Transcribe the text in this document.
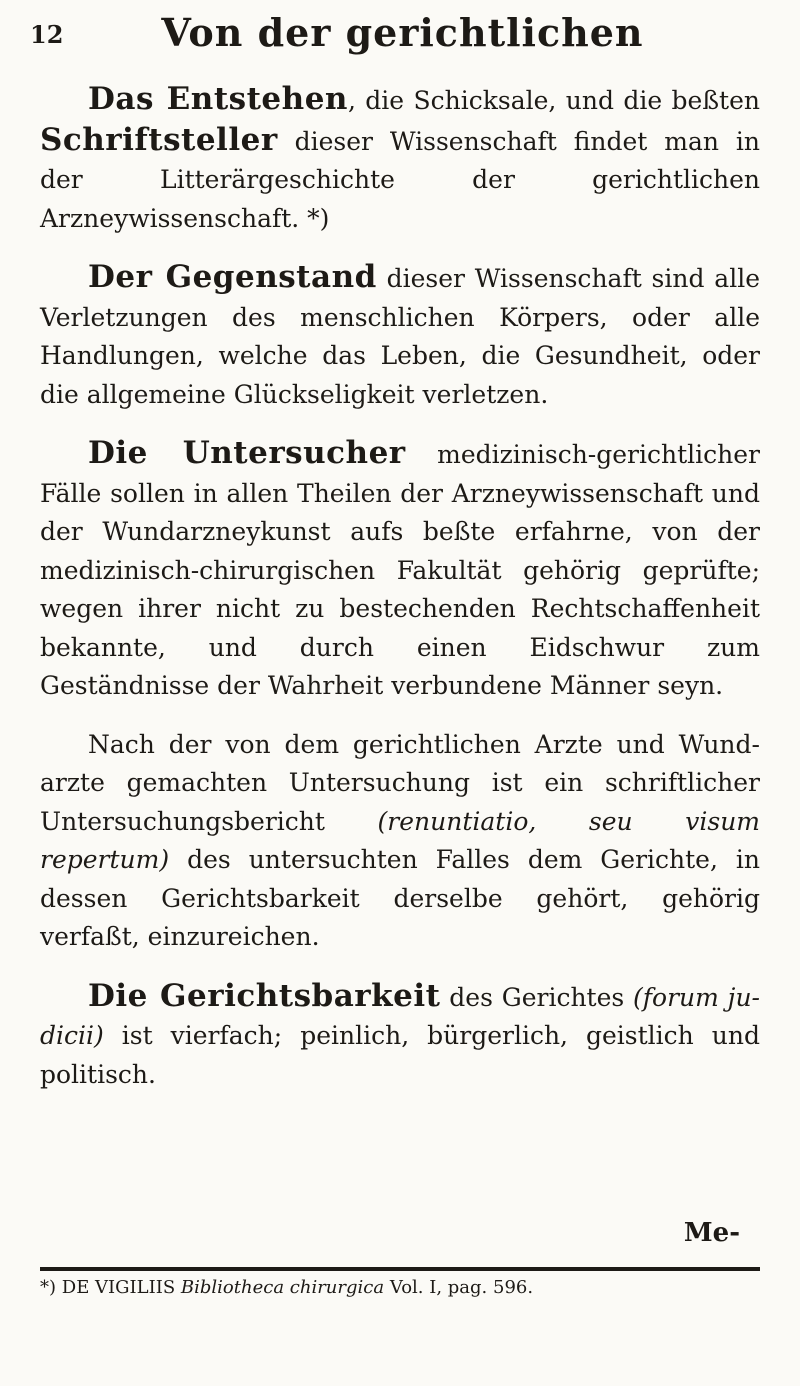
12	Von der gerichtlichen

Das Entstehen, die Schicksale, und die beßten Schriftsteller dieser Wissenschaft findet man in der Litterärgeschichte der gerichtlichen Arzneywissenschaft. *)

Der Gegenstand dieser Wissenschaft sind alle Verletzungen des menschlichen Körpers, oder alle Handlungen, welche das Leben, die Gesundheit, oder die allgemeine Glückseligkeit verletzen.

Die Untersucher medizinisch-gerichtlicher Fälle sollen in allen Theilen der Arzneywissenschaft und der Wundarzneykunst aufs beßte erfahrne, von der medizinisch-chirurgischen Fakultät gehörig geprüfte; wegen ihrer nicht zu bestechenden Rechtschaffenheit bekannte, und durch einen Eidschwur zum Geständnisse der Wahrheit verbundene Männer seyn.

Nach der von dem gerichtlichen Arzte und Wundarzte gemachten Untersuchung ist ein schriftlicher Untersuchungsbericht (renuntiatio, seu visum repertum) des untersuchten Falles dem Gerichte, in dessen Gerichtsbarkeit derselbe gehört, gehörig verfaßt, einzureichen.

Die Gerichtsbarkeit des Gerichtes (forum judicii) ist vierfach; peinlich, bürgerlich, geistlich und politisch.

Me-
*) DE VIGILIIS Bibliotheca chirurgica Vol. I, pag. 596.
